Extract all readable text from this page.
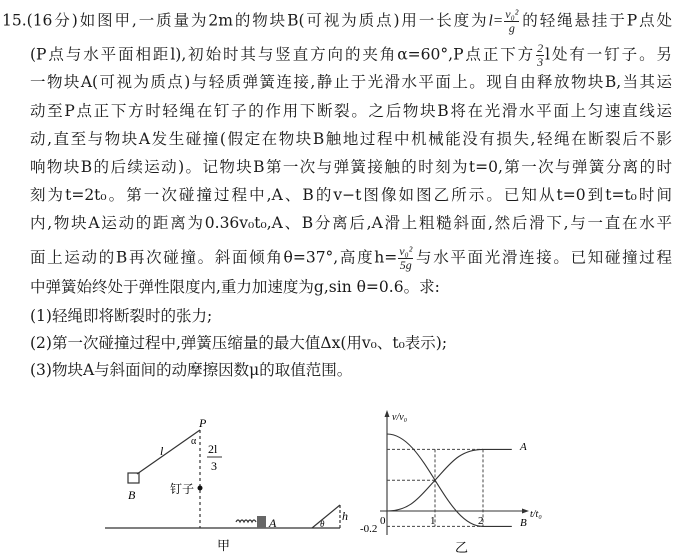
15.(16分)如图甲,一质量为2m的物块B(可视为质点)用一长度为$l= \frac{\text{v₀²}}{g}$ 的轻绳悬挂于P点处
(P点与水平面相距l),初始时其与竖直方向的夹角α=60°,P点正下方 $\frac{2}{3}$ l处有一钉子。另
一物块A(可视为质点)与轻质弹簧连接,静止于光滑水平面上。现自由释放物块B,当其运
动至P点正下方时轻绳在钉子的作用下断裂。之后物块B将在光滑水平面上匀速直线运
动,直至与物块A发生碰撞(假定在物块B触地过程中机械能没有损失,轻绳在断裂后不影
响物块B的后续运动)。记物块B第一次与弹簧接触的时刻为t=0,第一次与弹簧分离的时
刻为t=2t₀。第一次碰撞过程中,A、B的v−t图像如图乙所示。已知从t=0到t=t₀时间
内,物块A运动的距离为0.36v₀t₀,A、B分离后,A滑上粗糙斜面,然后滑下,与一直在水平
面上运动的B再次碰撞。斜面倾角θ=37°,高度$h= \frac{\text{v₀²}}{5g}$ 与水平面光滑连接。已知碰撞过程
中弹簧始终处于弹性限度内,重力加速度为g,sin θ=0.6。求:
(1)轻绳即将断裂时的张力;
(2)第一次碰撞过程中,弹簧压缩量的最大值Δx(用v₀、t₀表示);
(3)物块A与斜面间的动摩擦因数μ的取值范围。
P
α
l
B
2l
3
钉子
A	θ
h
甲
v/v₀
t/t₀
0	1	2
-0.2
A
B
乙
